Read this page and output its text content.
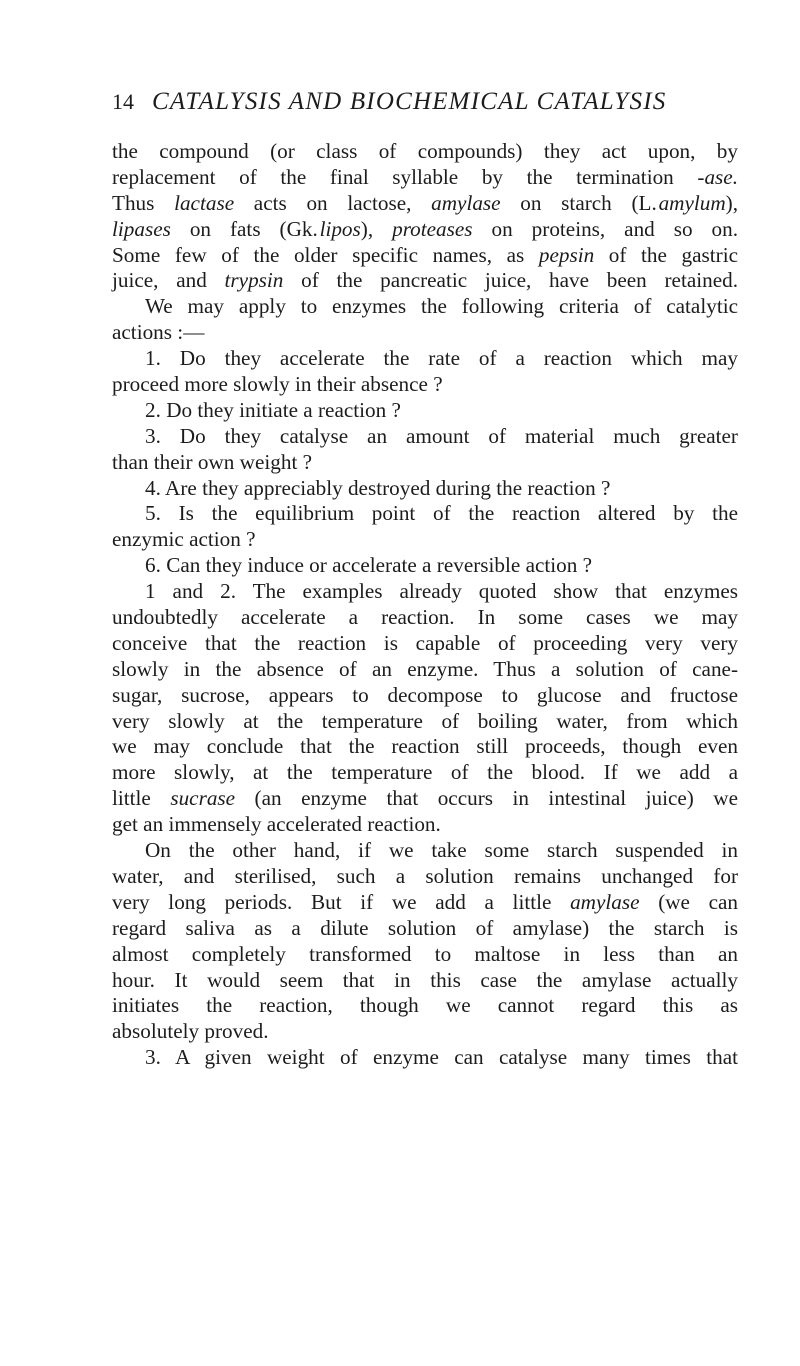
14 CATALYSIS AND BIOCHEMICAL CATALYSIS
the compound (or class of compounds) they act upon, by
replacement of the final syllable by the termination -ase.
Thus lactase acts on lactose, amylase on starch (L. amylum),
lipases on fats (Gk. lipos), proteases on proteins, and so on.
Some few of the older specific names, as pepsin of the gastric
juice, and trypsin of the pancreatic juice, have been retained.
We may apply to enzymes the following criteria of catalytic
actions :—
1. Do they accelerate the rate of a reaction which may
proceed more slowly in their absence ?
2. Do they initiate a reaction ?
3. Do they catalyse an amount of material much greater
than their own weight ?
4. Are they appreciably destroyed during the reaction ?
5. Is the equilibrium point of the reaction altered by the
enzymic action ?
6. Can they induce or accelerate a reversible action ?
1 and 2. The examples already quoted show that enzymes
undoubtedly accelerate a reaction. In some cases we may
conceive that the reaction is capable of proceeding very very
slowly in the absence of an enzyme. Thus a solution of cane-
sugar, sucrose, appears to decompose to glucose and fructose
very slowly at the temperature of boiling water, from which
we may conclude that the reaction still proceeds, though even
more slowly, at the temperature of the blood. If we add a
little sucrase (an enzyme that occurs in intestinal juice) we
get an immensely accelerated reaction.
On the other hand, if we take some starch suspended in
water, and sterilised, such a solution remains unchanged for
very long periods. But if we add a little amylase (we can
regard saliva as a dilute solution of amylase) the starch is
almost completely transformed to maltose in less than an
hour. It would seem that in this case the amylase actually
initiates the reaction, though we cannot regard this as
absolutely proved.
3. A given weight of enzyme can catalyse many times that
